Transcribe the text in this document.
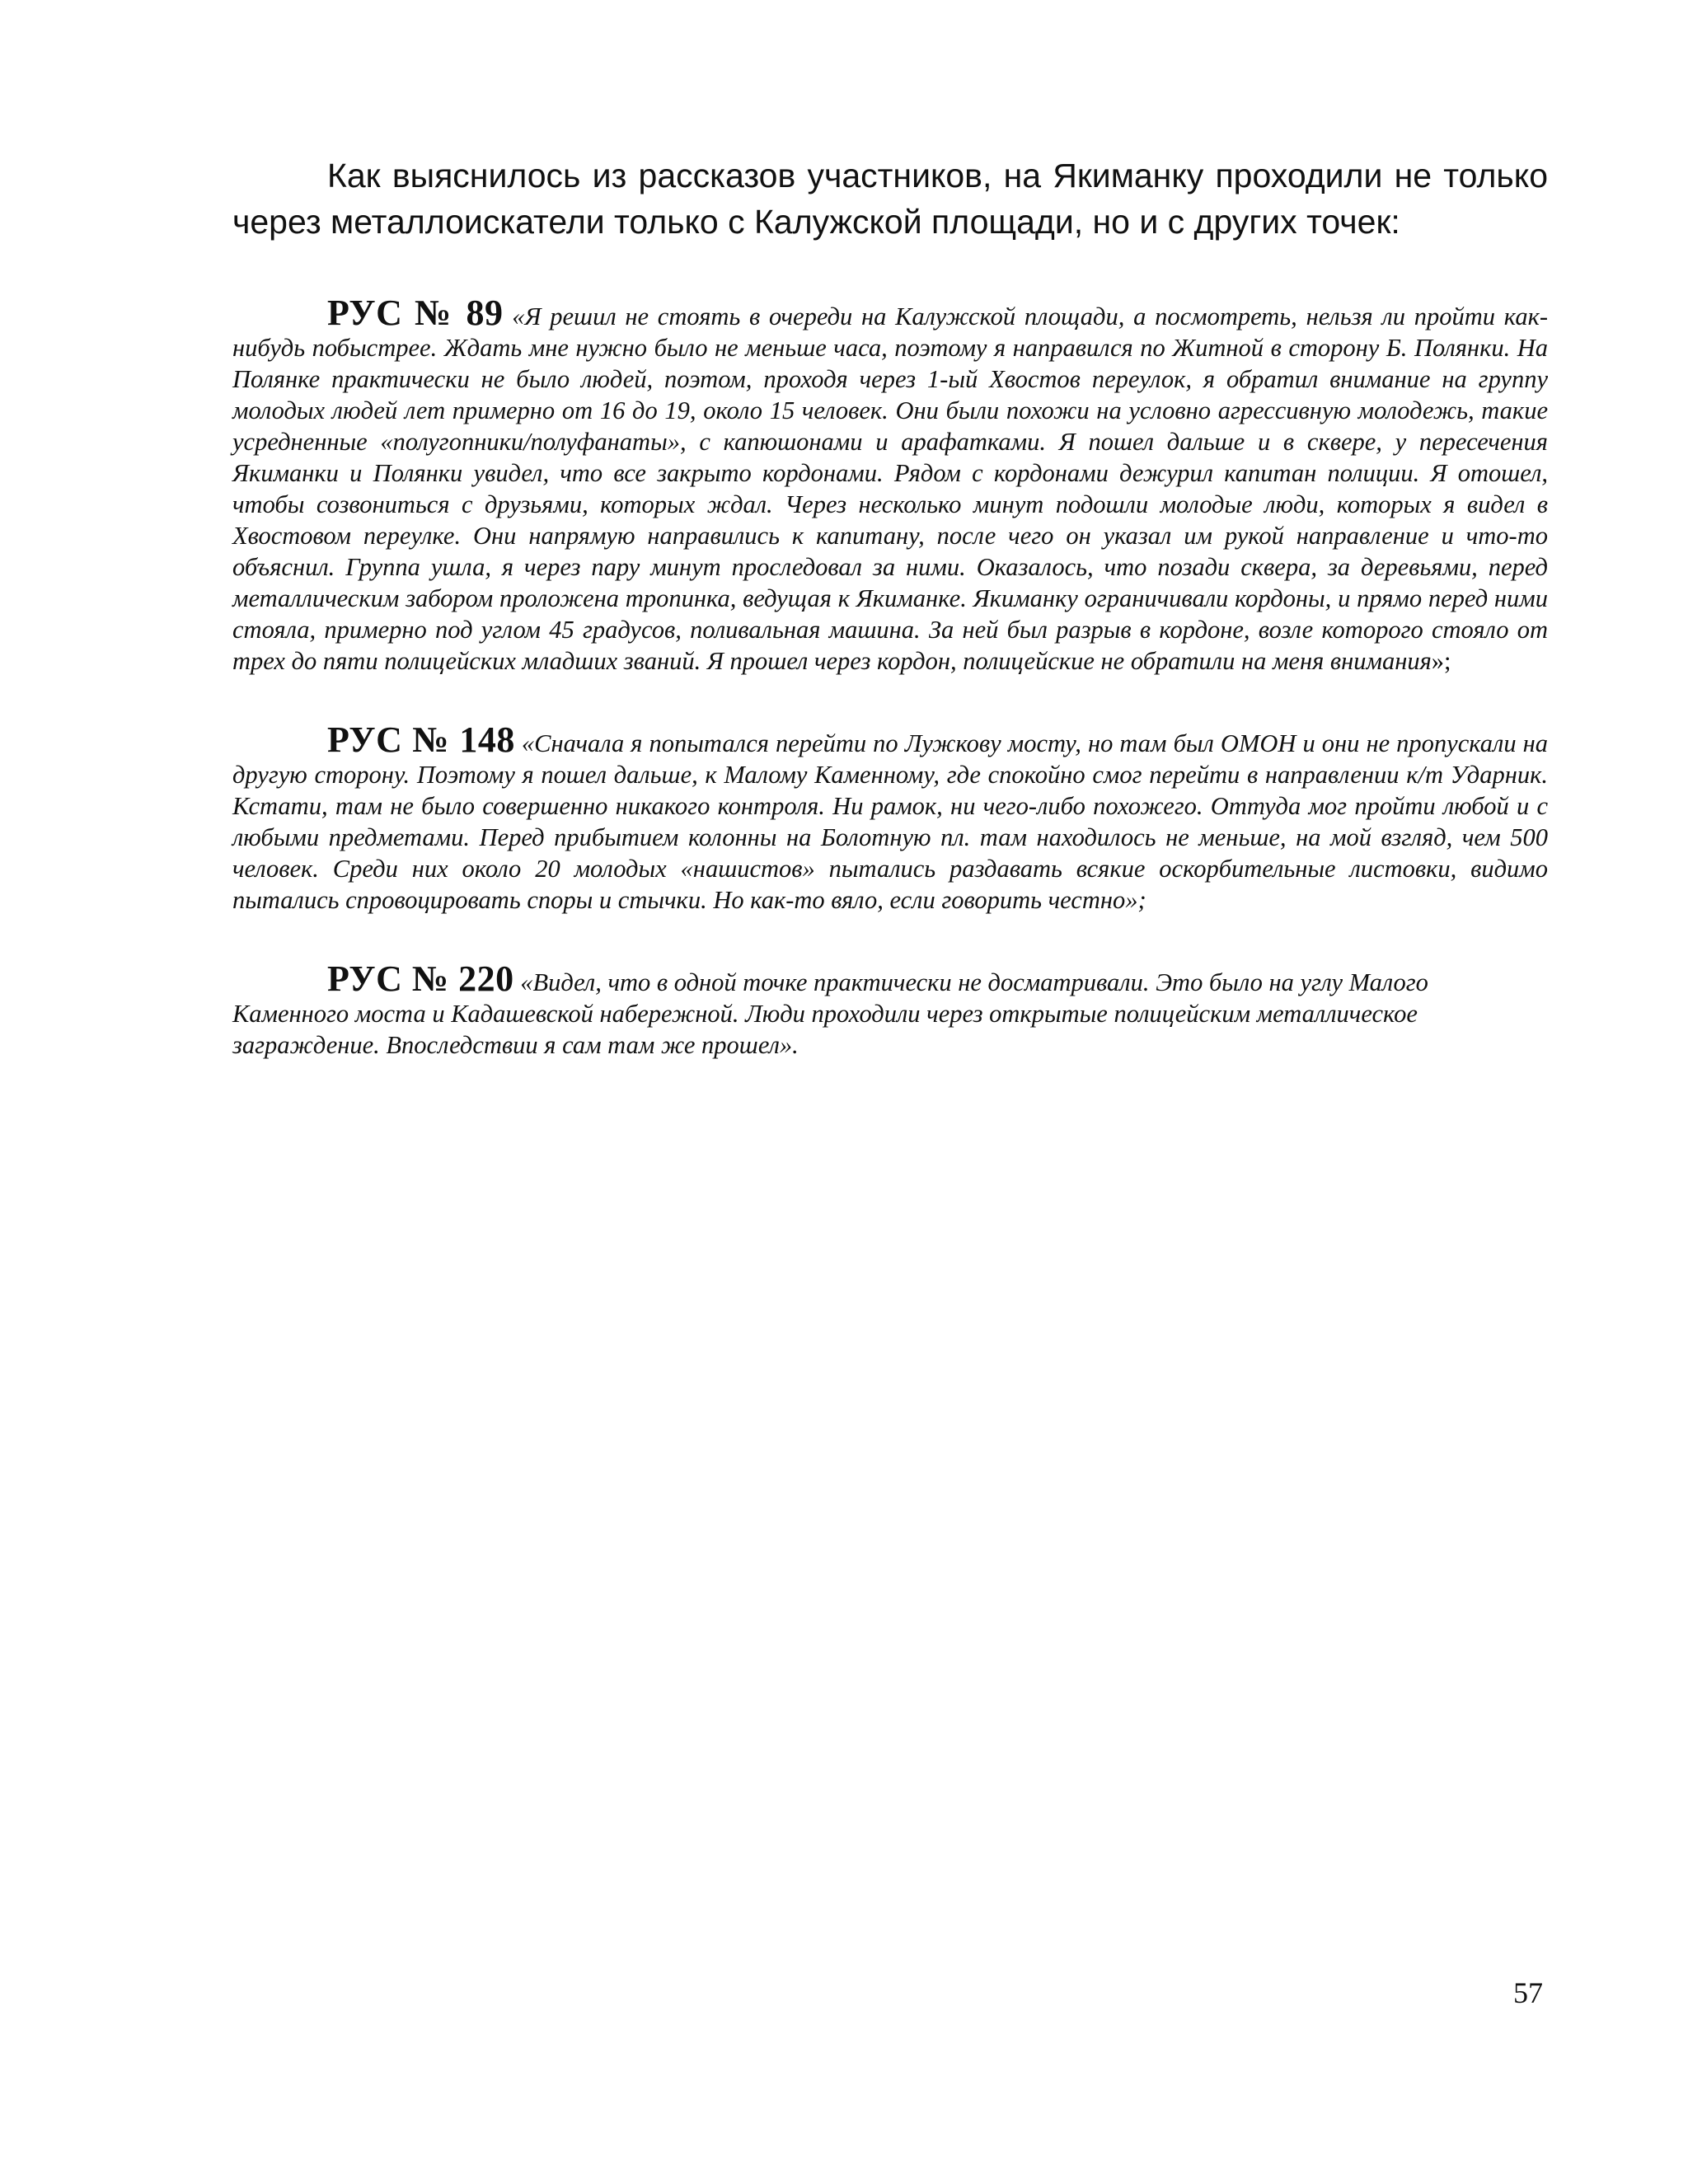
Как выяснилось из рассказов участников, на Якиманку проходили не только через металлоискатели только с Калужской площади, но и с других точек:

РУС № 89 «Я решил не стоять в очереди на Калужской площади, а посмотреть, нельзя ли пройти как-нибудь побыстрее. Ждать мне нужно было не меньше часа, поэтому я направился по Житной в сторону Б. Полянки. На Полянке практически не было людей, поэтом, проходя через 1-ый Хвостов переулок, я обратил внимание на группу молодых людей лет примерно от 16 до 19, около 15 человек. Они были похожи на условно агрессивную молодежь, такие усредненные «полугопники/полуфанаты», с капюшонами и арафатками. Я пошел дальше и в сквере, у пересечения Якиманки и Полянки увидел, что все закрыто кордонами. Рядом с кордонами дежурил капитан полиции. Я отошел, чтобы созвониться с друзьями, которых ждал. Через несколько минут подошли молодые люди, которых я видел в Хвостовом переулке. Они напрямую направились к капитану, после чего он указал им рукой направление и что-то объяснил. Группа ушла, я через пару минут проследовал за ними. Оказалось, что позади сквера, за деревьями, перед металлическим забором проложена тропинка, ведущая к Якиманке. Якиманку ограничивали кордоны, и прямо перед ними стояла, примерно под углом 45 градусов, поливальная машина. За ней был разрыв в кордоне, возле которого стояло от трех до пяти полицейских младших званий. Я прошел через кордон, полицейские не обратили на меня внимания»;

РУС № 148 «Сначала я попытался перейти по Лужкову мосту, но там был ОМОН и они не пропускали на другую сторону. Поэтому я пошел дальше, к Малому Каменному, где спокойно смог перейти в направлении к/т Ударник. Кстати, там не было совершенно никакого контроля. Ни рамок, ни чего-либо похожего. Оттуда мог пройти любой и с любыми предметами. Перед прибытием колонны на Болотную пл. там находилось не меньше, на мой взгляд, чем 500 человек. Среди них около 20 молодых «нашистов» пытались раздавать всякие оскорбительные листовки, видимо пытались спровоцировать споры и стычки. Но как-то вяло, если говорить честно»;

РУС № 220 «Видел, что в одной точке практически не досматривали. Это было на углу Малого Каменного моста и Кадашевской набережной. Люди проходили через открытые полицейским металлическое заграждение. Впоследствии я сам там же прошел».

57
